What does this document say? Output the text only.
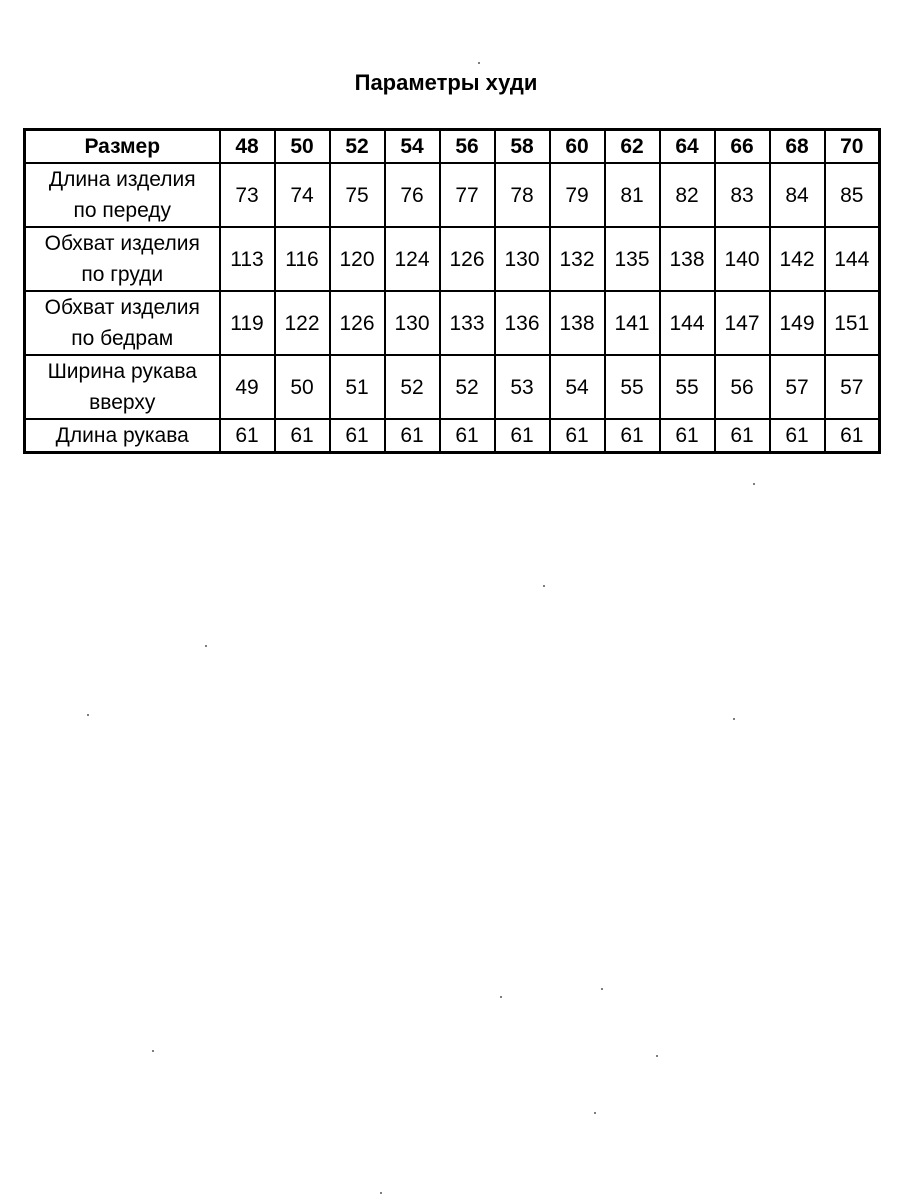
Параметры худи
Размер	48	50	52	54	56	58	60	62	64	66	68	70

Длина изделия
по переду	73	74	75	76	77	78	79	81	82	83	84	85

Обхват изделия
по груди	113	116	120	124	126	130	132	135	138	140	142	144

Обхват изделия
по бедрам	119	122	126	130	133	136	138	141	144	147	149	151

Ширина рукава
вверху	49	50	51	52	52	53	54	55	55	56	57	57

Длина рукава	61	61	61	61	61	61	61	61	61	61	61	61
